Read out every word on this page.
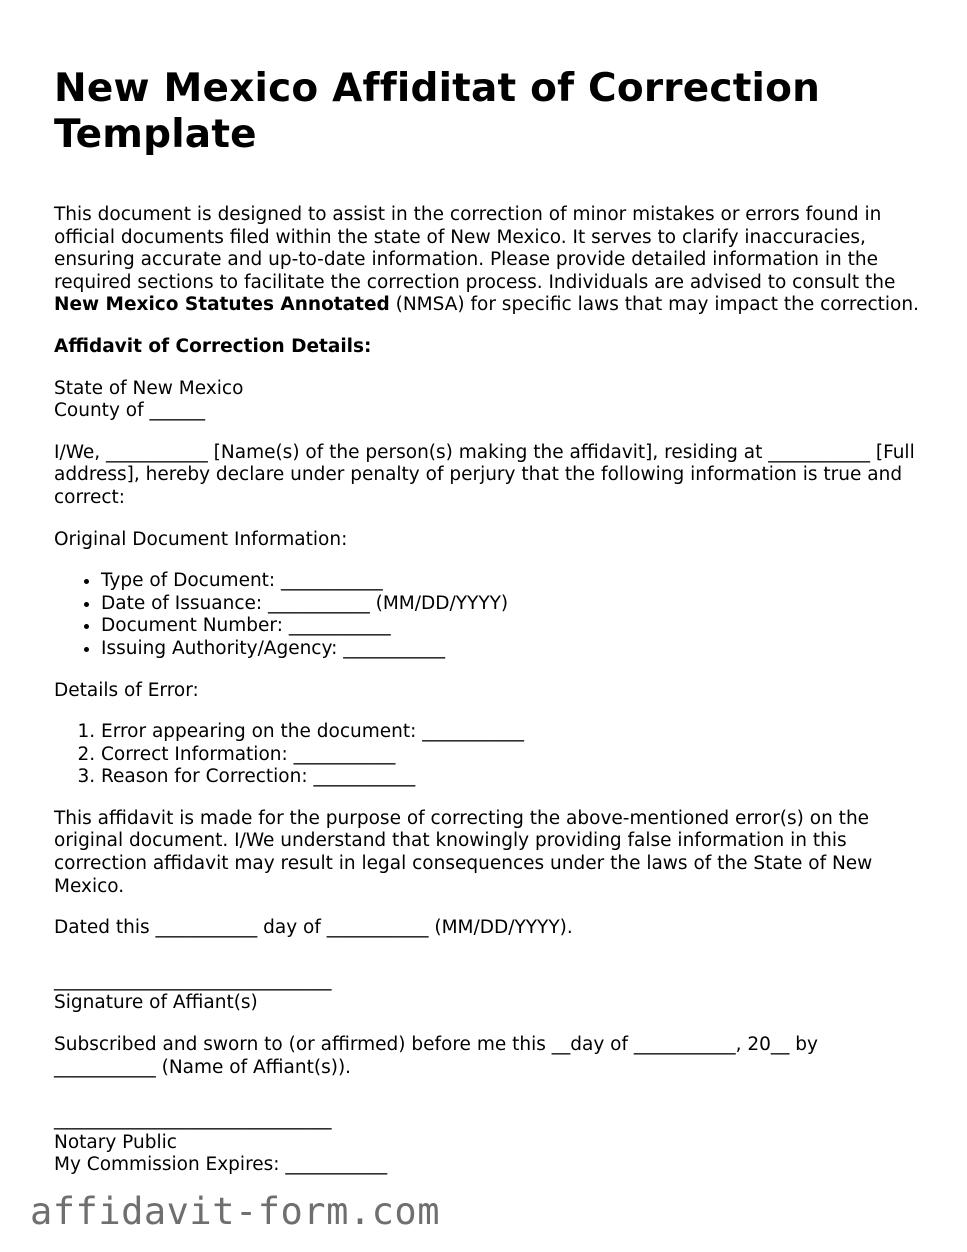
New Mexico Affiditat of Correction Template

This document is designed to assist in the correction of minor mistakes or errors found in official documents filed within the state of New Mexico. It serves to clarify inaccuracies, ensuring accurate and up-to-date information. Please provide detailed information in the required sections to facilitate the correction process. Individuals are advised to consult the New Mexico Statutes Annotated (NMSA) for specific laws that may impact the correction.

Affidavit of Correction Details:

State of New Mexico
County of ______

I/We, ___________ [Name(s) of the person(s) making the affidavit], residing at ___________ [Full address], hereby declare under penalty of perjury that the following information is true and correct:

Original Document Information:

• Type of Document: ___________
• Date of Issuance: ___________ (MM/DD/YYYY)
• Document Number: ___________
• Issuing Authority/Agency: ___________

Details of Error:

1. Error appearing on the document: ___________
2. Correct Information: ___________
3. Reason for Correction: ___________

This affidavit is made for the purpose of correcting the above-mentioned error(s) on the original document. I/We understand that knowingly providing false information in this correction affidavit may result in legal consequences under the laws of the State of New Mexico.

Dated this ___________ day of ___________ (MM/DD/YYYY).

______________________________
Signature of Affiant(s)

Subscribed and sworn to (or affirmed) before me this __day of ___________, 20__ by ___________ (Name of Affiant(s)).

______________________________
Notary Public
My Commission Expires: ___________
affidavit-form.com
